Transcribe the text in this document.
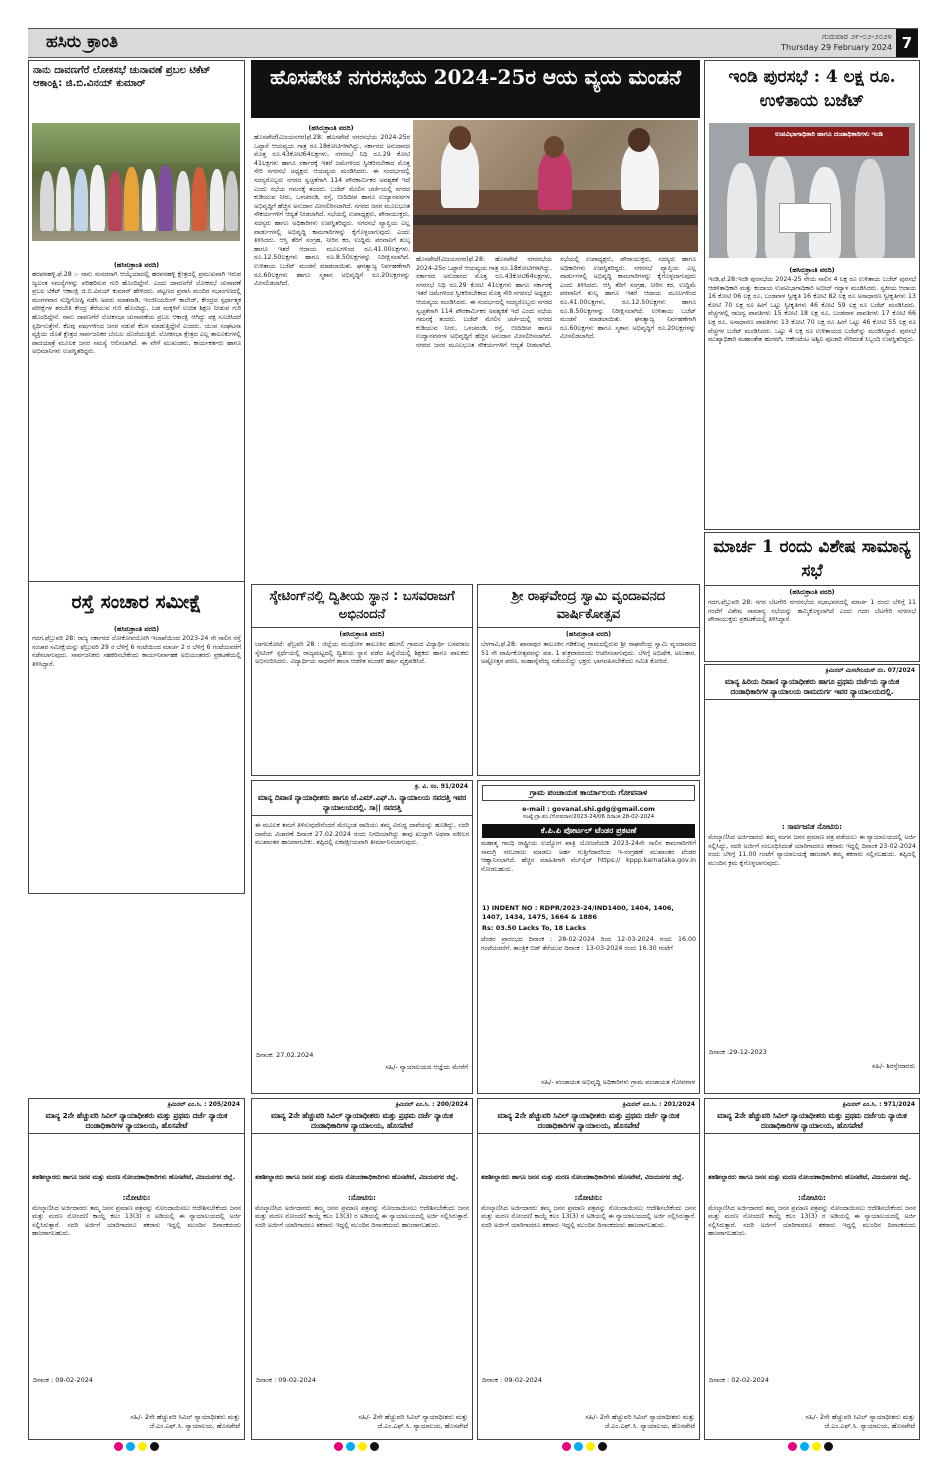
ಹಸಿರು ಕ್ರಾಂತಿ	ಗುರುವಾರ ೨೯-೦೨-೨೦೨೪
Thursday 29 February 2024 7
ನಾನು ದಾವಣಗೆರೆ ಲೋಕಸಭೆ ಚುನಾವಣೆ ಪ್ರಬಲ ಟಿಕೆಟ್ ಆಕಾಂಕ್ಷಿ: ಜಿ.ಬಿ.ವಿನಯ್ ಕುಮಾರ್
(ಹಸಿರುಕ್ರಾಂತಿ ವರದಿ)
ಹರಪನಹಳ್ಳಿ.ಫೆ.28 :- ನಾನು ಸಂಸದನಾಗಿ ಆಯ್ಕೆಯಾದಲ್ಲಿ ಹರಪನಹಳ್ಳಿ ಕ್ಷೇತ್ರದಲ್ಲಿ ಪ್ರಮುಖವಾಗಿ ಇರುವ ಜ್ವಲಂತ ಸಮಸ್ಯೆಗಳನ್ನು ಪರಿಹರಿಸುವ ಗುರಿ ಹೊಂದಿದ್ದೇನೆ. ಎಂದು ದಾವಣಗೆರೆ ಲೋಕಸಭೆ ಚುನಾವಣೆ ಪ್ರಬಲ ಟಿಕೆಟ್ ಆಕಾಂಕ್ಷಿ ಜಿ.ಬಿ.ವಿನಯ್ ಕುಮಾರ್ ಹೇಳಿದರು. ಪಟ್ಟಣದ ಪ್ರವಾಸಿ ಮಂದಿರ ಸಭಾಂಗಣದಲ್ಲಿ ಮಂಗಳವಾರ ಸುದ್ದಿಗೋಷ್ಠಿ ನಡೆಸಿ ಅವರು ಮಾತನಾಡಿ, ಇಂಜಿನಿಯರಿಂಗ್ ಕಾಲೇಜ್, ಕೇಂದ್ರದ ಸ್ಪರ್ಧಾತ್ಮಕ ಪರೀಕ್ಷೆಗಳ ತರಬೇತಿ ಕೇಂದ್ರ ತೆರೆಯುವ ಗುರಿ ಹೊಂದಿದ್ದು, ಬಡ ಮಕ್ಕಳಿಗೆ ಉಚಿತ ಶಿಕ್ಷಣ ನೀಡುವ ಗುರಿ ಹೊಂದಿದ್ದೇನೆ. ನಾನು ದಾವಣಗೆರೆ ಲೋಕಸಭಾ ಚುನಾವಣೆಯ ಪ್ರಬಲ ಆಕಾಂಕ್ಷಿ ಆಗಿದ್ದು ಪಕ್ಷ ಸೂಚಿಸಿದರೆ ಸ್ಪರ್ಧಿಸುತ್ತೇನೆ. ಕೆಲವು ವರ್ಷಗಳಿಂದ ಜನರ ನಡುವೆ ಕೆಲಸ ಮಾಡುತ್ತಿದ್ದೇನೆ ಎಂದರು. ಯುವ ಸಂಘಟನಾ ವ್ಯಕ್ತಿಯ ಜೊತೆ ಕ್ಷೇತ್ರದ ಸಾರ್ವಜನಿಕರ ಬೆಂಬಲ ದೊರೆಯುತ್ತಿದೆ. ಲೋಕಸಭಾ ಕ್ಷೇತ್ರದ ಎಲ್ಲ ತಾಲೂಕುಗಳಲ್ಲಿ ಪಾದಯಾತ್ರೆ ಮೂಲಕ ಜನರ ಸಮಸ್ಯೆ ಆಲಿಸಲಾಗಿದೆ. ಈ ವೇಳೆ ಮುಖಂಡರು, ಕಾರ್ಯಕರ್ತರು ಹಾಗೂ ಅಭಿಮಾನಿಗಳು ಉಪಸ್ಥಿತರಿದ್ದರು.
ರಸ್ತೆ ಸಂಚಾರ ಸಮೀಕ್ಷೆ
(ಹಸಿರುಕ್ರಾಂತಿ ವರದಿ)
ಗದಗ,ಫೆಬ್ರುವರಿ 28: ರಾಜ್ಯ ಸರ್ಕಾರದ ಲೋಕೋಪಯೋಗಿ ಇಲಾಖೆಯಿಂದ 2023-24 ನೇ ಸಾಲಿನ ರಸ್ತೆ ಸಂಚಾರ ಸಮೀಕ್ಷೆಯನ್ನು ಫೆಬ್ರುವರಿ 29 ರ ಬೆಳಿಗ್ಗೆ 6 ಗಂಟೆಯಿಂದ ಮಾರ್ಚ 2 ರ ಬೆಳಿಗ್ಗೆ 6 ಗಂಟೆಯವರೆಗೆ ನಡೆಸಲಾಗುವುದು. ಸಾರ್ವಜನಿಕರು ಸಹಕರಿಸಬೇಕೆಂದು ಕಾರ್ಯನಿರ್ವಾಹಕ ಅಭಿಯಂತರರು ಪ್ರಕಟಣೆಯಲ್ಲಿ ತಿಳಿಸಿದ್ದಾರೆ.
ಹೊಸಪೇಟೆ ನಗರಸಭೆಯ 2024-25ರ ಆಯ ವ್ಯಯ ಮಂಡನೆ
(ಹಸಿರುಕ್ರಾಂತಿ ವರದಿ)
ಹೊಸಪೇಟೆ(ವಿಜಯನಗರ)ಫೆ.28: ಹೊಸಪೇಟೆ ನಗರಸಭೆಯ 2024-25ರ ಒಟ್ಟಾರೆ ಆಯವ್ಯಯ ಗಾತ್ರ ರೂ.18ಕೋಟಿಗಳಾಗಿದ್ದು, ಸರ್ಕಾರದ ಅನುದಾನದ ಮೊತ್ತ ರೂ.43ಕೋಟಿ64ಲಕ್ಷಗಳು, ನಗರಸಭೆ ನಿಧಿ ರೂ.29 ಕೋಟಿ 41ಲಕ್ಷಗಳು ಹಾಗೂ ಸರ್ಕಾರಕ್ಕೆ ಇತರೆ ಜಮೆಗಳಿಂದ ಸ್ವೀಕರಿಸಬೇಕಾದ ಮೊತ್ತ ಸೇರಿ ನಗರಸಭೆ ಅಧ್ಯಕ್ಷರು ಆಯವ್ಯಯ ಮಂಡಿಸಿದರು. ಈ ಸಂದರ್ಭದಲ್ಲಿ ಸದಸ್ಯರೊಬ್ಬರು ನಗರದ ಸ್ವಚ್ಛತೆಗಾಗಿ 114 ಪೌರಕಾರ್ಮಿಕರ ಅವಶ್ಯಕತೆ ಇದೆ ಎಂದು ಸಭೆಯ ಗಮನಕ್ಕೆ ತಂದರು. ಬಜೆಟ್ ಮೇಲಿನ ಚರ್ಚೆಯಲ್ಲಿ ನಗರದ ಕುಡಿಯುವ ನೀರು, ಒಳಚರಂಡಿ, ರಸ್ತೆ, ಬೀದಿದೀಪ ಹಾಗೂ ಉದ್ಯಾನವನಗಳ ಅಭಿವೃದ್ಧಿಗೆ ಹೆಚ್ಚಿನ ಅನುದಾನ ಮೀಸಲಿರಿಸಲಾಗಿದೆ. ನಗರದ ಜನರ ಮೂಲಭೂತ ಸೌಕರ್ಯಗಳಿಗೆ ಆದ್ಯತೆ ನೀಡಲಾಗಿದೆ. ಸಭೆಯಲ್ಲಿ ಉಪಾಧ್ಯಕ್ಷರು, ಪೌರಾಯುಕ್ತರು, ಸದಸ್ಯರು ಹಾಗೂ ಅಧಿಕಾರಿಗಳು ಉಪಸ್ಥಿತರಿದ್ದರು. ನಗರಸಭೆ ವ್ಯಾಪ್ತಿಯ ಎಲ್ಲ ವಾರ್ಡುಗಳಲ್ಲಿ ಅಭಿವೃದ್ಧಿ ಕಾಮಗಾರಿಗಳನ್ನು ಕೈಗೊಳ್ಳಲಾಗುವುದು ಎಂದು ತಿಳಿಸಿದರು. ಆಸ್ತಿ ತೆರಿಗೆ ಸಂಗ್ರಹ, ನೀರಿನ ಕರ, ಉದ್ದಿಮೆ ಪರವಾನಿಗೆ ಶುಲ್ಕ ಹಾಗೂ ಇತರೆ ಆದಾಯ ಮೂಲಗಳಿಂದ ರೂ.41.00ಲಕ್ಷಗಳು, ರೂ.12.50ಲಕ್ಷಗಳು ಹಾಗೂ ರೂ.8.50ಲಕ್ಷಗಳನ್ನು ನಿರೀಕ್ಷಿಸಲಾಗಿದೆ. ಉಳಿತಾಯ ಬಜೆಟ್ ಮಂಡನೆ ಮಾಡಲಾಯಿತು. ಘನತ್ಯಾಜ್ಯ ನಿರ್ವಹಣೆಗಾಗಿ ರೂ.60ಲಕ್ಷಗಳು ಹಾಗೂ ಸ್ಮಶಾನ ಅಭಿವೃದ್ಧಿಗೆ ರೂ.20ಲಕ್ಷಗಳನ್ನು ಮೀಸಲಿಡಲಾಗಿದೆ.
ಹೊಸಪೇಟೆ(ವಿಜಯನಗರ)ಫೆ.28: ಹೊಸಪೇಟೆ ನಗರಸಭೆಯ 2024-25ರ ಒಟ್ಟಾರೆ ಆಯವ್ಯಯ ಗಾತ್ರ ರೂ.18ಕೋಟಿಗಳಾಗಿದ್ದು, ಸರ್ಕಾರದ ಅನುದಾನದ ಮೊತ್ತ ರೂ.43ಕೋಟಿ64ಲಕ್ಷಗಳು, ನಗರಸಭೆ ನಿಧಿ ರೂ.29 ಕೋಟಿ 41ಲಕ್ಷಗಳು ಹಾಗೂ ಸರ್ಕಾರಕ್ಕೆ ಇತರೆ ಜಮೆಗಳಿಂದ ಸ್ವೀಕರಿಸಬೇಕಾದ ಮೊತ್ತ ಸೇರಿ ನಗರಸಭೆ ಅಧ್ಯಕ್ಷರು ಆಯವ್ಯಯ ಮಂಡಿಸಿದರು. ಈ ಸಂದರ್ಭದಲ್ಲಿ ಸದಸ್ಯರೊಬ್ಬರು ನಗರದ ಸ್ವಚ್ಛತೆಗಾಗಿ 114 ಪೌರಕಾರ್ಮಿಕರ ಅವಶ್ಯಕತೆ ಇದೆ ಎಂದು ಸಭೆಯ ಗಮನಕ್ಕೆ ತಂದರು. ಬಜೆಟ್ ಮೇಲಿನ ಚರ್ಚೆಯಲ್ಲಿ ನಗರದ ಕುಡಿಯುವ ನೀರು, ಒಳಚರಂಡಿ, ರಸ್ತೆ, ಬೀದಿದೀಪ ಹಾಗೂ ಉದ್ಯಾನವನಗಳ ಅಭಿವೃದ್ಧಿಗೆ ಹೆಚ್ಚಿನ ಅನುದಾನ ಮೀಸಲಿರಿಸಲಾಗಿದೆ. ನಗರದ ಜನರ ಮೂಲಭೂತ ಸೌಕರ್ಯಗಳಿಗೆ ಆದ್ಯತೆ ನೀಡಲಾಗಿದೆ. ಸಭೆಯಲ್ಲಿ ಉಪಾಧ್ಯಕ್ಷರು, ಪೌರಾಯುಕ್ತರು, ಸದಸ್ಯರು ಹಾಗೂ ಅಧಿಕಾರಿಗಳು ಉಪಸ್ಥಿತರಿದ್ದರು. ನಗರಸಭೆ ವ್ಯಾಪ್ತಿಯ ಎಲ್ಲ ವಾರ್ಡುಗಳಲ್ಲಿ ಅಭಿವೃದ್ಧಿ ಕಾಮಗಾರಿಗಳನ್ನು ಕೈಗೊಳ್ಳಲಾಗುವುದು ಎಂದು ತಿಳಿಸಿದರು. ಆಸ್ತಿ ತೆರಿಗೆ ಸಂಗ್ರಹ, ನೀರಿನ ಕರ, ಉದ್ದಿಮೆ ಪರವಾನಿಗೆ ಶುಲ್ಕ ಹಾಗೂ ಇತರೆ ಆದಾಯ ಮೂಲಗಳಿಂದ ರೂ.41.00ಲಕ್ಷಗಳು, ರೂ.12.50ಲಕ್ಷಗಳು ಹಾಗೂ ರೂ.8.50ಲಕ್ಷಗಳನ್ನು ನಿರೀಕ್ಷಿಸಲಾಗಿದೆ. ಉಳಿತಾಯ ಬಜೆಟ್ ಮಂಡನೆ ಮಾಡಲಾಯಿತು. ಘನತ್ಯಾಜ್ಯ ನಿರ್ವಹಣೆಗಾಗಿ ರೂ.60ಲಕ್ಷಗಳು ಹಾಗೂ ಸ್ಮಶಾನ ಅಭಿವೃದ್ಧಿಗೆ ರೂ.20ಲಕ್ಷಗಳನ್ನು ಮೀಸಲಿಡಲಾಗಿದೆ.
ಸ್ಕೇಟಿಂಗ್‌ನಲ್ಲಿ ದ್ವಿತೀಯ ಸ್ಥಾನ : ಬಸವರಾಜಗೆ ಅಭಿನಂದನೆ
(ಹಸಿರುಕ್ರಾಂತಿ ವರದಿ)
ಬಾಗಲಕೋಟೆ: ಫೆಬ್ರವರಿ 28 : ಜಿಲ್ಲೆಯ ಮುಧೋಳ ತಾಲೂಕಿನ ಹಲಗಲಿ ಗ್ರಾಮದ ವಿದ್ಯಾರ್ಥಿ ಬಸವರಾಜ ಸ್ಕೇಟಿಂಗ್ ಸ್ಪರ್ಧೆಯಲ್ಲಿ ರಾಜ್ಯಮಟ್ಟದಲ್ಲಿ ದ್ವಿತೀಯ ಸ್ಥಾನ ಪಡೆದ ಹಿನ್ನೆಲೆಯಲ್ಲಿ ಶಿಕ್ಷಕರು ಹಾಗೂ ಪಾಲಕರು ಅಭಿನಂದಿಸಿದರು. ವಿದ್ಯಾರ್ಥಿಯ ಸಾಧನೆಗೆ ಶಾಲಾ ಆಡಳಿತ ಮಂಡಳಿ ಹರ್ಷ ವ್ಯಕ್ತಪಡಿಸಿದೆ.
ಶ್ರೀ ರಾಘವೇಂದ್ರ ಸ್ವಾಮಿ ವೃಂದಾವನದ ವಾರ್ಷಿಕೋತ್ಸವ
(ಹಸಿರುಕ್ರಾಂತಿ ವರದಿ)
ಬೆಳಗಾವಿ,ಫೆ.28: ಖಾನಾಪುರ ತಾಲೂಕಿನ ಗಡಿಕೊಪ್ಪ ಗ್ರಾಮದಲ್ಲಿರುವ ಶ್ರೀ ರಾಘವೇಂದ್ರ ಸ್ವಾಮಿ ವೃಂದಾವನದ 51 ನೇ ವಾರ್ಷಿಕೋತ್ಸವವನ್ನು ಮಾ. 1 ಶುಕ್ರವಾರದಂದು ಆಚರಿಸಲಾಗುವುದು. ಬೆಳಿಗ್ಗೆ ಅಭಿಷೇಕ, ಅಲಂಕಾರ, ಅಷ್ಟೋತ್ತರ ಪಠಣ, ಮಹಾನೈವೇದ್ಯ ನಡೆಯಲಿದ್ದು ಭಕ್ತರು ಭಾಗವಹಿಸಬೇಕೆಂದು ಸಮಿತಿ ಕೋರಿದೆ.
ಕ್ರ. ವಿ. ಸಂ. 91/2024
ಮಾನ್ಯ ದಿವಾಣಿ ನ್ಯಾಯಾಧೀಶರು ಹಾಗೂ ಜೆ.ಎಮ್.ಎಫ್.ಸಿ. ನ್ಯಾಯಾಲಯ ಸವದತ್ತಿ ಇವರ ನ್ಯಾಯಾಲಯದಲ್ಲಿ. ಸಾ|| ಸವದತ್ತಿ
ಈ ಮೂಲಕ ತಮಗೆ ತಿಳಿಸುವುದೇನೆಂದರೆ ಮೇಲ್ಕಂಡ ವಾದಿಯು ತಮ್ಮ ವಿರುದ್ಧ ದಾವೆಯನ್ನು ಹೂಡಿದ್ದು, ಸದರಿ ದಾವೆಯ ವಿಚಾರಣೆ ದಿನಾಂಕ 27.02.2024 ರಂದು ನಿಗದಿಯಾಗಿದ್ದು ತಾವು ಖುದ್ದಾಗಿ ಅಥವಾ ವಕೀಲರ ಮುಖಾಂತರ ಹಾಜರಾಗಬೇಕು. ತಪ್ಪಿದಲ್ಲಿ ಏಕಪಕ್ಷೀಯವಾಗಿ ತೀರ್ಮಾನಿಸಲಾಗುವುದು.
ದಿನಾಂಕ: 27.02.2024
ಸಹಿ/- ನ್ಯಾಯಾಲಯದ ಆಜ್ಞೆಯ ಮೇರೆಗೆ
ಗ್ರಾಮ ಪಂಚಾಯತ ಕಾರ್ಯಾಲಯ ಗೋವನಾಳ
e-mail : govanal.shi.gdg@gmail.com
ಸಂಖ್ಯೆ:ಗ್ರಾ.ಪಂ./ಗೋವನಾಳ/2023-24/06 ದಿನಾಂಕ:28-02-2024
ಕೆ.ಪಿ.ಪಿ ಪೋರ್ಟಲ್ ಟೆಂಡರ ಪ್ರಕಟಣೆ
ಮಹಾತ್ಮ ಗಾಂಧಿ ರಾಷ್ಟ್ರೀಯ ಉದ್ಯೋಗ ಖಾತ್ರಿ ಯೋಜನೆಯಡಿ 2023-24ನೇ ಸಾಲಿನ ಕಾಮಗಾರಿಗಳಿಗೆ ಸಾಮಗ್ರಿ ಸರಬರಾಜು ಮಾಡಲು ಅರ್ಹ ಗುತ್ತಿಗೆದಾರರಿಂದ ಇ-ಸಂಗ್ರಹಣೆ ಮುಖಾಂತರ ಟೆಂಡರ ಆಹ್ವಾನಿಸಲಾಗಿದೆ. ಹೆಚ್ಚಿನ ಮಾಹಿತಿಗಾಗಿ ವೆಬ್‌ಸೈಟ್ https:// kppp.karnataka.gov.in ನೋಡಬಹುದು.
1) INDENT NO : RDPR/2023-24/IND1400, 1404, 1406, 1407, 1434, 1475, 1664 & 1886
Rs: 03.50 Lacks To, 18 Lacks
ಟೆಂಡರ ಪ್ರಾರಂಭದ ದಿನಾಂಕ : 28-02-2024 ರಿಂದ 12-03-2024 ರಂದು 16.00 ಗಂಟೆಯವರೆಗೆ. ತಾಂತ್ರಿಕ ಬಿಡ್ ತೆರೆಯುವ ದಿನಾಂಕ : 13-03-2024 ರಂದು 16.30 ಗಂಟೆಗೆ
ಸಹಿ/- ಪಂಚಾಯತ ಅಭಿವೃದ್ಧಿ ಅಧಿಕಾರಿಗಳು ಗ್ರಾಮ ಪಂಚಾಯತ ಗೋವನಾಳ
ಇಂಡಿ ಪುರಸಭೆ : 4 ಲಕ್ಷ ರೂ. ಉಳಿತಾಯ ಬಜೆಟ್
ಉಪವಿಭಾಗಾಧಿಕಾರಿ ಹಾಗೂ ದಂಡಾಧಿಕಾರಿಗಳು ಇಂಡಿ
(ಹಸಿರುಕ್ರಾಂತಿ ವರದಿ)
ಇಂಡಿ,ಫೆ.28:ಇಂಡಿ ಪುರಸಭೆಯ 2024-25 ನೇಯ ಸಾಲಿನ 4 ಲಕ್ಷ ರೂ ಉಳಿತಾಯ ಬಜೆಟ್ ಪುರಸಭೆ ಆಡಳಿತಾಧಿಕಾರಿ ಮತ್ತು ಕಂದಾಯ ಉಪವಿಭಾಗಾಧಿಕಾರಿ ಅಬೀದ್ ಗದ್ಯಾಳ ಮಂಡಿಸಿದರು. ಸ್ವಕೀಯ ಆದಾಯ 16 ಕೋಟಿ 06 ಲಕ್ಷ ರೂ, ಬಂಡವಾಳ ಸ್ವೀಕೃತಿ 16 ಕೋಟಿ 82 ಲಕ್ಷ ರೂ ಅಸಾಧಾರಣ ಸ್ವೀಕೃತಿಗಳು 13 ಕೋಟಿ 70 ಲಕ್ಷ ರೂ ಹೀಗೆ ಒಟ್ಟು ಸ್ವೀಕೃತಿಗಳು 46 ಕೋಟಿ 59 ಲಕ್ಷ ರೂ ಬಜೆಟ್ ಮಂಡಿಸಿದರು. ವೆಚ್ಚಗಳಲ್ಲಿ ರಾಜಸ್ವ ಪಾವತಿಗಳು 15 ಕೋಟಿ 18 ಲಕ್ಷ ರೂ, ಬಂಡವಾಳ ಪಾವತಿಗಳು 17 ಕೋಟಿ 66 ಲಕ್ಷ ರೂ, ಅಸಾಧಾರಣ ಪಾವತಿಗಳು 13 ಕೋಟಿ 70 ಲಕ್ಷ ರೂ ಹೀಗೆ ಒಟ್ಟು 46 ಕೋಟಿ 55 ಲಕ್ಷ ರೂ ವೆಚ್ಚಗಳ ಬಜೆಟ್ ಮಂಡಿಸಿದರು. ಒಟ್ಟು 4 ಲಕ್ಷ ರೂ ಉಳಿತಾಯದ ಬಜೆಟ್‌ನ್ನು ಮಂಡಿಸಿದ್ದಾರೆ. ಪುರಸಭೆ ಮುಖ್ಯಾಧಿಕಾರಿ ಮಹಾಂತೇಶ ಹಂಗರಗಿ, ಆಕೌಂಟೆಂಟ ಅಶ್ವಿನಿ ಪೂಜಾರಿ ಸೇರಿದಂತೆ ಸಿಬ್ಬಂದಿ ಉಪಸ್ಥಿತರಿದ್ದರು.
ಮಾರ್ಚ 1 ರಂದು ವಿಶೇಷ ಸಾಮಾನ್ಯ ಸಭೆ
(ಹಸಿರುಕ್ರಾಂತಿ ವರದಿ)
ಗದಗ,ಫೆಬ್ರುವರಿ 28: ನಗರ ಬೆಟಗೇರಿ ನಗರಸಭೆಯ ಸಭಾಭವನದಲ್ಲಿ ಮಾರ್ಚ 1 ರಂದು ಬೆಳಿಗ್ಗೆ 11 ಗಂಟೆಗೆ ವಿಶೇಷ ಸಾಮಾನ್ಯ ಸಭೆಯನ್ನು ಹಮ್ಮಿಕೊಳ್ಳಲಾಗಿದೆ ಎಂದು ಗದಗ ಬೆಟಗೇರಿ ನಗರಸಭೆ ಪೌರಾಯುಕ್ತರು ಪ್ರಕಟಣೆಯಲ್ಲಿ ತಿಳಿಸಿದ್ದಾರೆ.
ಕ್ರಿಮಿನಲ್ ಮಿಸಲೇನಿಯಸ್ ನಂ. 07/2024
ಮಾನ್ಯ ಹಿರಿಯ ದಿವಾಣಿ ನ್ಯಾಯಾಧೀಶರು ಹಾಗೂ ಪ್ರಥಮ ದರ್ಜೆಯ ನ್ಯಾಯಿಕ ದಂಡಾಧಿಕಾರಿಗಳ ನ್ಯಾಯಾಲಯ ರಾಮದುರ್ಗ ಇವರ ನ್ಯಾಯಾಲಯದಲ್ಲಿ.
: ಸಾರ್ವಜನಿಕ ನೋಟಿಸು:
ಮೇಲ್ಕಾಣಿಸಿದ ಅರ್ಜಿದಾರರು ತಮ್ಮ ಮಗನ ಜನನ ಪ್ರಮಾಣ ಪತ್ರ ಪಡೆಯಲು ಈ ನ್ಯಾಯಾಲಯದಲ್ಲಿ ಅರ್ಜಿ ಸಲ್ಲಿಸಿದ್ದು, ಸದರಿ ಅರ್ಜಿಗೆ ಸಂಬಂಧಿಸಿದಂತೆ ಯಾರಿಗಾದರೂ ತಕರಾರು ಇದ್ದಲ್ಲಿ ದಿನಾಂಕ 23-02-2024 ರಂದು ಬೆಳಿಗ್ಗೆ 11.00 ಗಂಟೆಗೆ ನ್ಯಾಯಾಲಯಕ್ಕೆ ಹಾಜರಾಗಿ ತಮ್ಮ ತಕರಾರು ಸಲ್ಲಿಸಬಹುದು. ತಪ್ಪಿದಲ್ಲಿ ಮುಂದಿನ ಕ್ರಮ ಕೈಗೊಳ್ಳಲಾಗುವುದು.
ದಿನಾಂಕ :29-12-2023
ಸಹಿ/- ಶಿರಸ್ತೇದಾರರು
ಕ್ರಿಮಿನಲ್ ಎಂ.ಸಿ. : 205/2024
ಮಾನ್ಯ 2ನೇ ಹೆಚ್ಚುವರಿ ಸಿವಿಲ್ ನ್ಯಾಯಾಧೀಶರು ಮತ್ತು ಪ್ರಥಮ ದರ್ಜೆ ನ್ಯಾಯಿಕ ದಂಡಾಧಿಕಾರಿಗಳ ನ್ಯಾಯಾಲಯ, ಹೊಸಪೇಟೆ
ತಹಶೀಲ್ದಾರರು ಹಾಗೂ ಜನನ ಮತ್ತು ಮರಣ ನೋಂದಣಾಧಿಕಾರಿಗಳು ಹೊಸಪೇಟೆ, ವಿಜಯನಗರ ಜಿಲ್ಲೆ.
:ನೋಟಿಸು:
ಮೇಲ್ಕಾಣಿಸಿದ ಅರ್ಜಿದಾರರು ತಮ್ಮ ಜನನ ಪ್ರಮಾಣ ಪತ್ರವನ್ನು ನೋಂದಾಯಿಸಲು ಆದೇಶಿಸಬೇಕೆಂದು ಜನನ ಮತ್ತು ಮರಣ ನೋಂದಣಿ ಕಾಯ್ದೆ ಕಲಂ 13(3) ರ ಅಡಿಯಲ್ಲಿ ಈ ನ್ಯಾಯಾಲಯದಲ್ಲಿ ಅರ್ಜಿ ಸಲ್ಲಿಸಿರುತ್ತಾರೆ. ಸದರಿ ಅರ್ಜಿಗೆ ಯಾರಿಗಾದರೂ ತಕರಾರು ಇದ್ದಲ್ಲಿ ಮುಂದಿನ ದಿನಾಂಕದಂದು ಹಾಜರಾಗಬಹುದು.
ದಿನಾಂಕ : 09-02-2024
ಸಹಿ/- 2ನೇ ಹೆಚ್ಚುವರಿ ಸಿವಿಲ್ ನ್ಯಾಯಾಧೀಶರು ಮತ್ತು ಜೆ.ಎಂ.ಎಫ್.ಸಿ. ನ್ಯಾಯಾಲಯ, ಹೊಸಪೇಟೆ
ಕ್ರಿಮಿನಲ್ ಎಂ.ಸಿ. : 200/2024
ಮಾನ್ಯ 2ನೇ ಹೆಚ್ಚುವರಿ ಸಿವಿಲ್ ನ್ಯಾಯಾಧೀಶರು ಮತ್ತು ಪ್ರಥಮ ದರ್ಜೆ ನ್ಯಾಯಿಕ ದಂಡಾಧಿಕಾರಿಗಳ ನ್ಯಾಯಾಲಯ, ಹೊಸಪೇಟೆ
ತಹಶೀಲ್ದಾರರು ಹಾಗೂ ಜನನ ಮತ್ತು ಮರಣ ನೋಂದಣಾಧಿಕಾರಿಗಳು ಹೊಸಪೇಟೆ, ವಿಜಯನಗರ ಜಿಲ್ಲೆ.
:ನೋಟಿಸು:
ಮೇಲ್ಕಾಣಿಸಿದ ಅರ್ಜಿದಾರರು ತಮ್ಮ ಜನನ ಪ್ರಮಾಣ ಪತ್ರವನ್ನು ನೋಂದಾಯಿಸಲು ಆದೇಶಿಸಬೇಕೆಂದು ಜನನ ಮತ್ತು ಮರಣ ನೋಂದಣಿ ಕಾಯ್ದೆ ಕಲಂ 13(3) ರ ಅಡಿಯಲ್ಲಿ ಈ ನ್ಯಾಯಾಲಯದಲ್ಲಿ ಅರ್ಜಿ ಸಲ್ಲಿಸಿರುತ್ತಾರೆ. ಸದರಿ ಅರ್ಜಿಗೆ ಯಾರಿಗಾದರೂ ತಕರಾರು ಇದ್ದಲ್ಲಿ ಮುಂದಿನ ದಿನಾಂಕದಂದು ಹಾಜರಾಗಬಹುದು.
ದಿನಾಂಕ : 09-02-2024
ಸಹಿ/- 2ನೇ ಹೆಚ್ಚುವರಿ ಸಿವಿಲ್ ನ್ಯಾಯಾಧೀಶರು ಮತ್ತು ಜೆ.ಎಂ.ಎಫ್.ಸಿ. ನ್ಯಾಯಾಲಯ, ಹೊಸಪೇಟೆ
ಕ್ರಿಮಿನಲ್ ಎಂ.ಸಿ. : 201/2024
ಮಾನ್ಯ 2ನೇ ಹೆಚ್ಚುವರಿ ಸಿವಿಲ್ ನ್ಯಾಯಾಧೀಶರು ಮತ್ತು ಪ್ರಥಮ ದರ್ಜೆ ನ್ಯಾಯಿಕ ದಂಡಾಧಿಕಾರಿಗಳ ನ್ಯಾಯಾಲಯ, ಹೊಸಪೇಟೆ
ತಹಶೀಲ್ದಾರರು ಹಾಗೂ ಜನನ ಮತ್ತು ಮರಣ ನೋಂದಣಾಧಿಕಾರಿಗಳು ಹೊಸಪೇಟೆ, ವಿಜಯನಗರ ಜಿಲ್ಲೆ.
:ನೋಟಿಸು:
ಮೇಲ್ಕಾಣಿಸಿದ ಅರ್ಜಿದಾರರು ತಮ್ಮ ಜನನ ಪ್ರಮಾಣ ಪತ್ರವನ್ನು ನೋಂದಾಯಿಸಲು ಆದೇಶಿಸಬೇಕೆಂದು ಜನನ ಮತ್ತು ಮರಣ ನೋಂದಣಿ ಕಾಯ್ದೆ ಕಲಂ 13(3) ರ ಅಡಿಯಲ್ಲಿ ಈ ನ್ಯಾಯಾಲಯದಲ್ಲಿ ಅರ್ಜಿ ಸಲ್ಲಿಸಿರುತ್ತಾರೆ. ಸದರಿ ಅರ್ಜಿಗೆ ಯಾರಿಗಾದರೂ ತಕರಾರು ಇದ್ದಲ್ಲಿ ಮುಂದಿನ ದಿನಾಂಕದಂದು ಹಾಜರಾಗಬಹುದು.
ದಿನಾಂಕ : 09-02-2024
ಸಹಿ/- 2ನೇ ಹೆಚ್ಚುವರಿ ಸಿವಿಲ್ ನ್ಯಾಯಾಧೀಶರು ಮತ್ತು ಜೆ.ಎಂ.ಎಫ್.ಸಿ. ನ್ಯಾಯಾಲಯ, ಹೊಸಪೇಟೆ
ಕ್ರಿಮಿನಲ್ ಎಂ.ಸಿ. : 971/2024
ಮಾನ್ಯ 2ನೇ ಹೆಚ್ಚುವರಿ ಸಿವಿಲ್ ನ್ಯಾಯಾಧೀಶರು ಮತ್ತು ಪ್ರಥಮ ದರ್ಜೆಯ ನ್ಯಾಯಿಕ ದಂಡಾಧಿಕಾರಿಗಳ ನ್ಯಾಯಾಲಯ, ಹೊಸಪೇಟೆ
ತಹಶೀಲ್ದಾರರು ಹಾಗೂ ಜನನ ಮತ್ತು ಮರಣ ನೋಂದಣಾಧಿಕಾರಿಗಳು ಹೊಸಪೇಟೆ, ವಿಜಯನಗರ ಜಿಲ್ಲೆ.
:ನೋಟಿಸು:
ಮೇಲ್ಕಾಣಿಸಿದ ಅರ್ಜಿದಾರರು ತಮ್ಮ ಜನನ ಪ್ರಮಾಣ ಪತ್ರವನ್ನು ನೋಂದಾಯಿಸಲು ಆದೇಶಿಸಬೇಕೆಂದು ಜನನ ಮತ್ತು ಮರಣ ನೋಂದಣಿ ಕಾಯ್ದೆ ಕಲಂ 13(3) ರ ಅಡಿಯಲ್ಲಿ ಈ ನ್ಯಾಯಾಲಯದಲ್ಲಿ ಅರ್ಜಿ ಸಲ್ಲಿಸಿರುತ್ತಾರೆ. ಸದರಿ ಅರ್ಜಿಗೆ ಯಾರಿಗಾದರೂ ತಕರಾರು ಇದ್ದಲ್ಲಿ ಮುಂದಿನ ದಿನಾಂಕದಂದು ಹಾಜರಾಗಬಹುದು.
ದಿನಾಂಕ : 02-02-2024
ಸಹಿ/- 2ನೇ ಹೆಚ್ಚುವರಿ ಸಿವಿಲ್ ನ್ಯಾಯಾಧೀಶರು ಮತ್ತು ಜೆ.ಎಂ.ಎಫ್.ಸಿ. ನ್ಯಾಯಾಲಯ, ಹೊಸಪೇಟೆ
